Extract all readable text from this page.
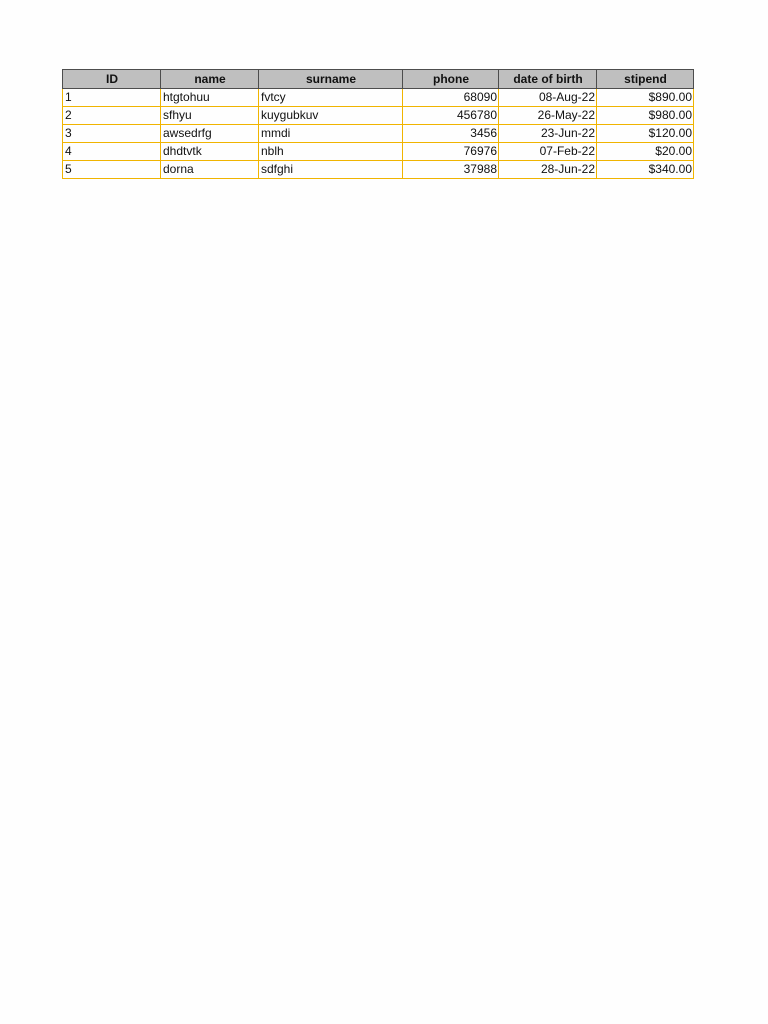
ID	name	surname	phone	date of birth	stipend
1	htgtohuu	fvtcy	68090	08-Aug-22	$890.00
2	sfhyu	kuygubkuv	456780	26-May-22	$980.00
3	awsedrfg	mmdi	3456	23-Jun-22	$120.00
4	dhdtvtk	nblh	76976	07-Feb-22	$20.00
5	dorna	sdfghi	37988	28-Jun-22	$340.00
